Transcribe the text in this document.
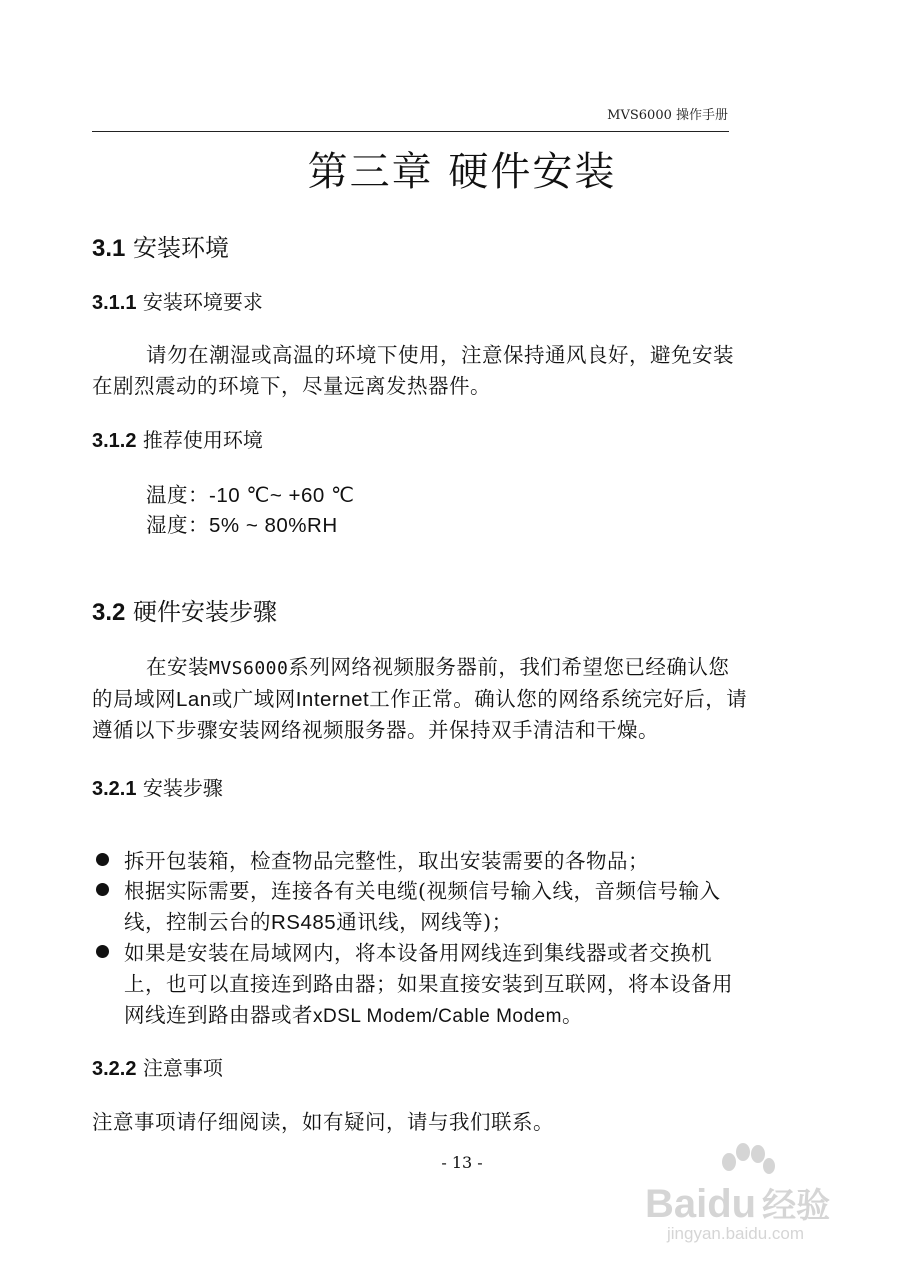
MVS6000 操作手册
第三章 硬件安装
3.1 安装环境
3.1.1 安装环境要求
请勿在潮湿或高温的环境下使用，注意保持通风良好，避免安装
在剧烈震动的环境下，尽量远离发热器件。
3.1.2 推荐使用环境
温度：-10 ℃~ +60 ℃
湿度：5% ~ 80%RH
3.2 硬件安装步骤
在安装MVS6000系列网络视频服务器前，我们希望您已经确认您
的局域网Lan或广域网Internet工作正常。确认您的网络系统完好后，请
遵循以下步骤安装网络视频服务器。并保持双手清洁和干燥。
3.2.1 安装步骤
拆开包装箱，检查物品完整性，取出安装需要的各物品；
根据实际需要，连接各有关电缆(视频信号输入线，音频信号输入
线，控制云台的RS485通讯线，网线等)；
如果是安装在局域网内，将本设备用网线连到集线器或者交换机
上，也可以直接连到路由器；如果直接安装到互联网，将本设备用
网线连到路由器或者xDSL Modem/Cable Modem。
3.2.2 注意事项
注意事项请仔细阅读，如有疑问，请与我们联系。
- 13 -
Baidu 经验
jingyan.baidu.com
